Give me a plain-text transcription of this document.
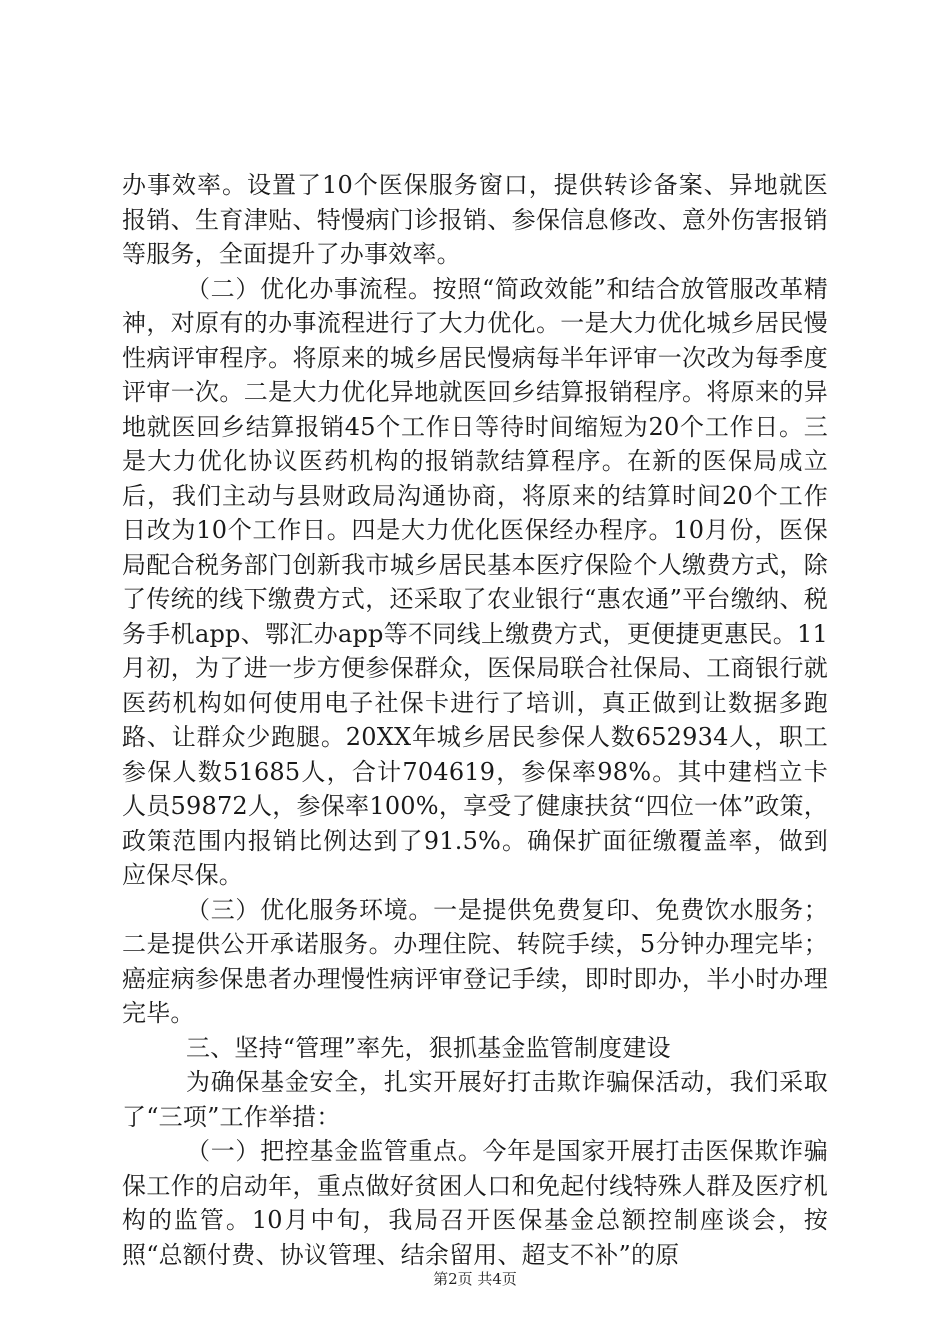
办事效率。设置了10个医保服务窗口，提供转诊备案、异地就医报销、生育津贴、特慢病门诊报销、参保信息修改、意外伤害报销等服务，全面提升了办事效率。

（二）优化办事流程。按照“简政效能”和结合放管服改革精神，对原有的办事流程进行了大力优化。一是大力优化城乡居民慢性病评审程序。将原来的城乡居民慢病每半年评审一次改为每季度评审一次。二是大力优化异地就医回乡结算报销程序。将原来的异地就医回乡结算报销45个工作日等待时间缩短为20个工作日。三是大力优化协议医药机构的报销款结算程序。在新的医保局成立后，我们主动与县财政局沟通协商，将原来的结算时间20个工作日改为10个工作日。四是大力优化医保经办程序。10月份，医保局配合税务部门创新我市城乡居民基本医疗保险个人缴费方式，除了传统的线下缴费方式，还采取了农业银行“惠农通”平台缴纳、税务手机app、鄂汇办app等不同线上缴费方式，更便捷更惠民。11月初，为了进一步方便参保群众，医保局联合社保局、工商银行就医药机构如何使用电子社保卡进行了培训，真正做到让数据多跑路、让群众少跑腿。20XX年城乡居民参保人数652934人，职工参保人数51685人，合计704619，参保率98%。其中建档立卡人员59872人，参保率100%，享受了健康扶贫“四位一体”政策，政策范围内报销比例达到了91.5%。确保扩面征缴覆盖率，做到应保尽保。

（三）优化服务环境。一是提供免费复印、免费饮水服务；二是提供公开承诺服务。办理住院、转院手续，5分钟办理完毕；癌症病参保患者办理慢性病评审登记手续，即时即办，半小时办理完毕。

三、坚持“管理”率先，狠抓基金监管制度建设

为确保基金安全，扎实开展好打击欺诈骗保活动，我们采取了“三项”工作举措：

（一）把控基金监管重点。今年是国家开展打击医保欺诈骗保工作的启动年，重点做好贫困人口和免起付线特殊人群及医疗机构的监管。10月中旬，我局召开医保基金总额控制座谈会，按照“总额付费、协议管理、结余留用、超支不补”的原

第2页 共4页
